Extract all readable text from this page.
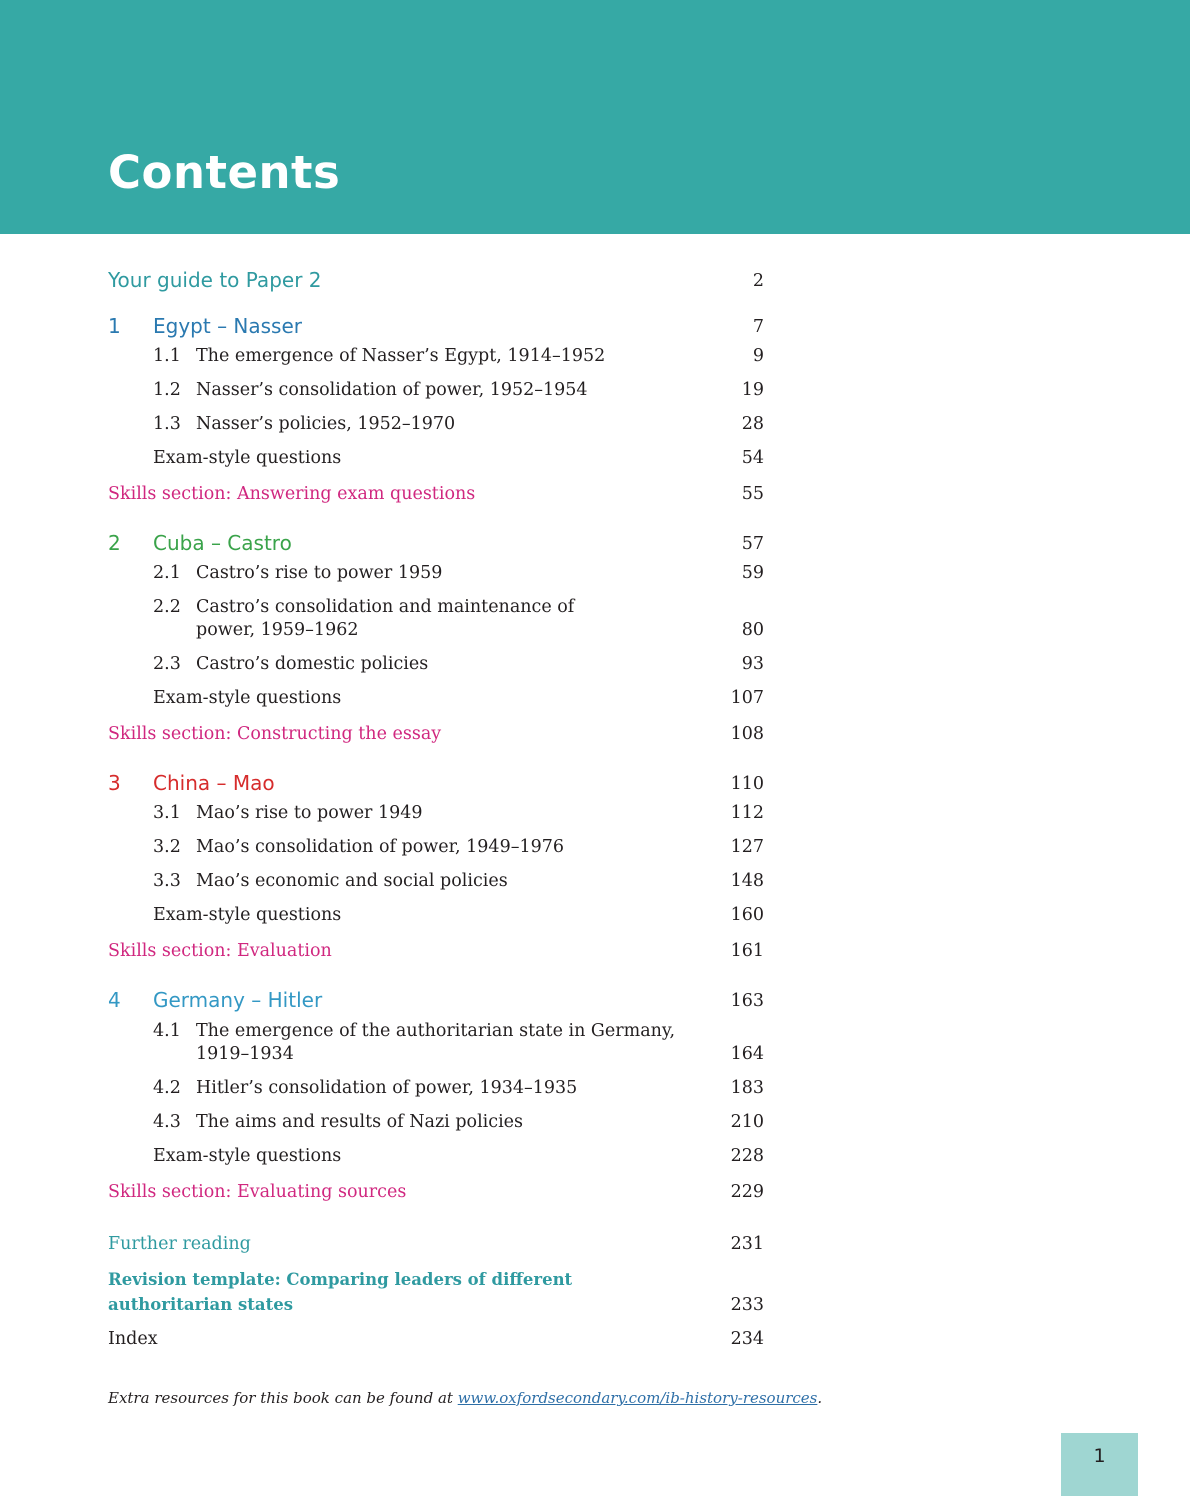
Contents
Your guide to Paper 2	2
1 Egypt – Nasser	7
1.1 The emergence of Nasser’s Egypt, 1914–1952	9
1.2 Nasser’s consolidation of power, 1952–1954	19
1.3 Nasser’s policies, 1952–1970	28
Exam-style questions	54
Skills section: Answering exam questions	55
2 Cuba – Castro	57
2.1 Castro’s rise to power 1959	59
2.2 Castro’s consolidation and maintenance of
power, 1959–1962	80
2.3 Castro’s domestic policies	93
Exam-style questions	107
Skills section: Constructing the essay	108
3 China – Mao	110
3.1 Mao’s rise to power 1949	112
3.2 Mao’s consolidation of power, 1949–1976	127
3.3 Mao’s economic and social policies	148
Exam-style questions	160
Skills section: Evaluation	161
4 Germany – Hitler	163
4.1 The emergence of the authoritarian state in Germany,
1919–1934	164
4.2 Hitler’s consolidation of power, 1934–1935	183
4.3 The aims and results of Nazi policies	210
Exam-style questions	228
Skills section: Evaluating sources	229
Further reading	231
Revision template: Comparing leaders of different
authoritarian states	233
Index	234
Extra resources for this book can be found at www.oxfordsecondary.com/ib-history-resources.
1
